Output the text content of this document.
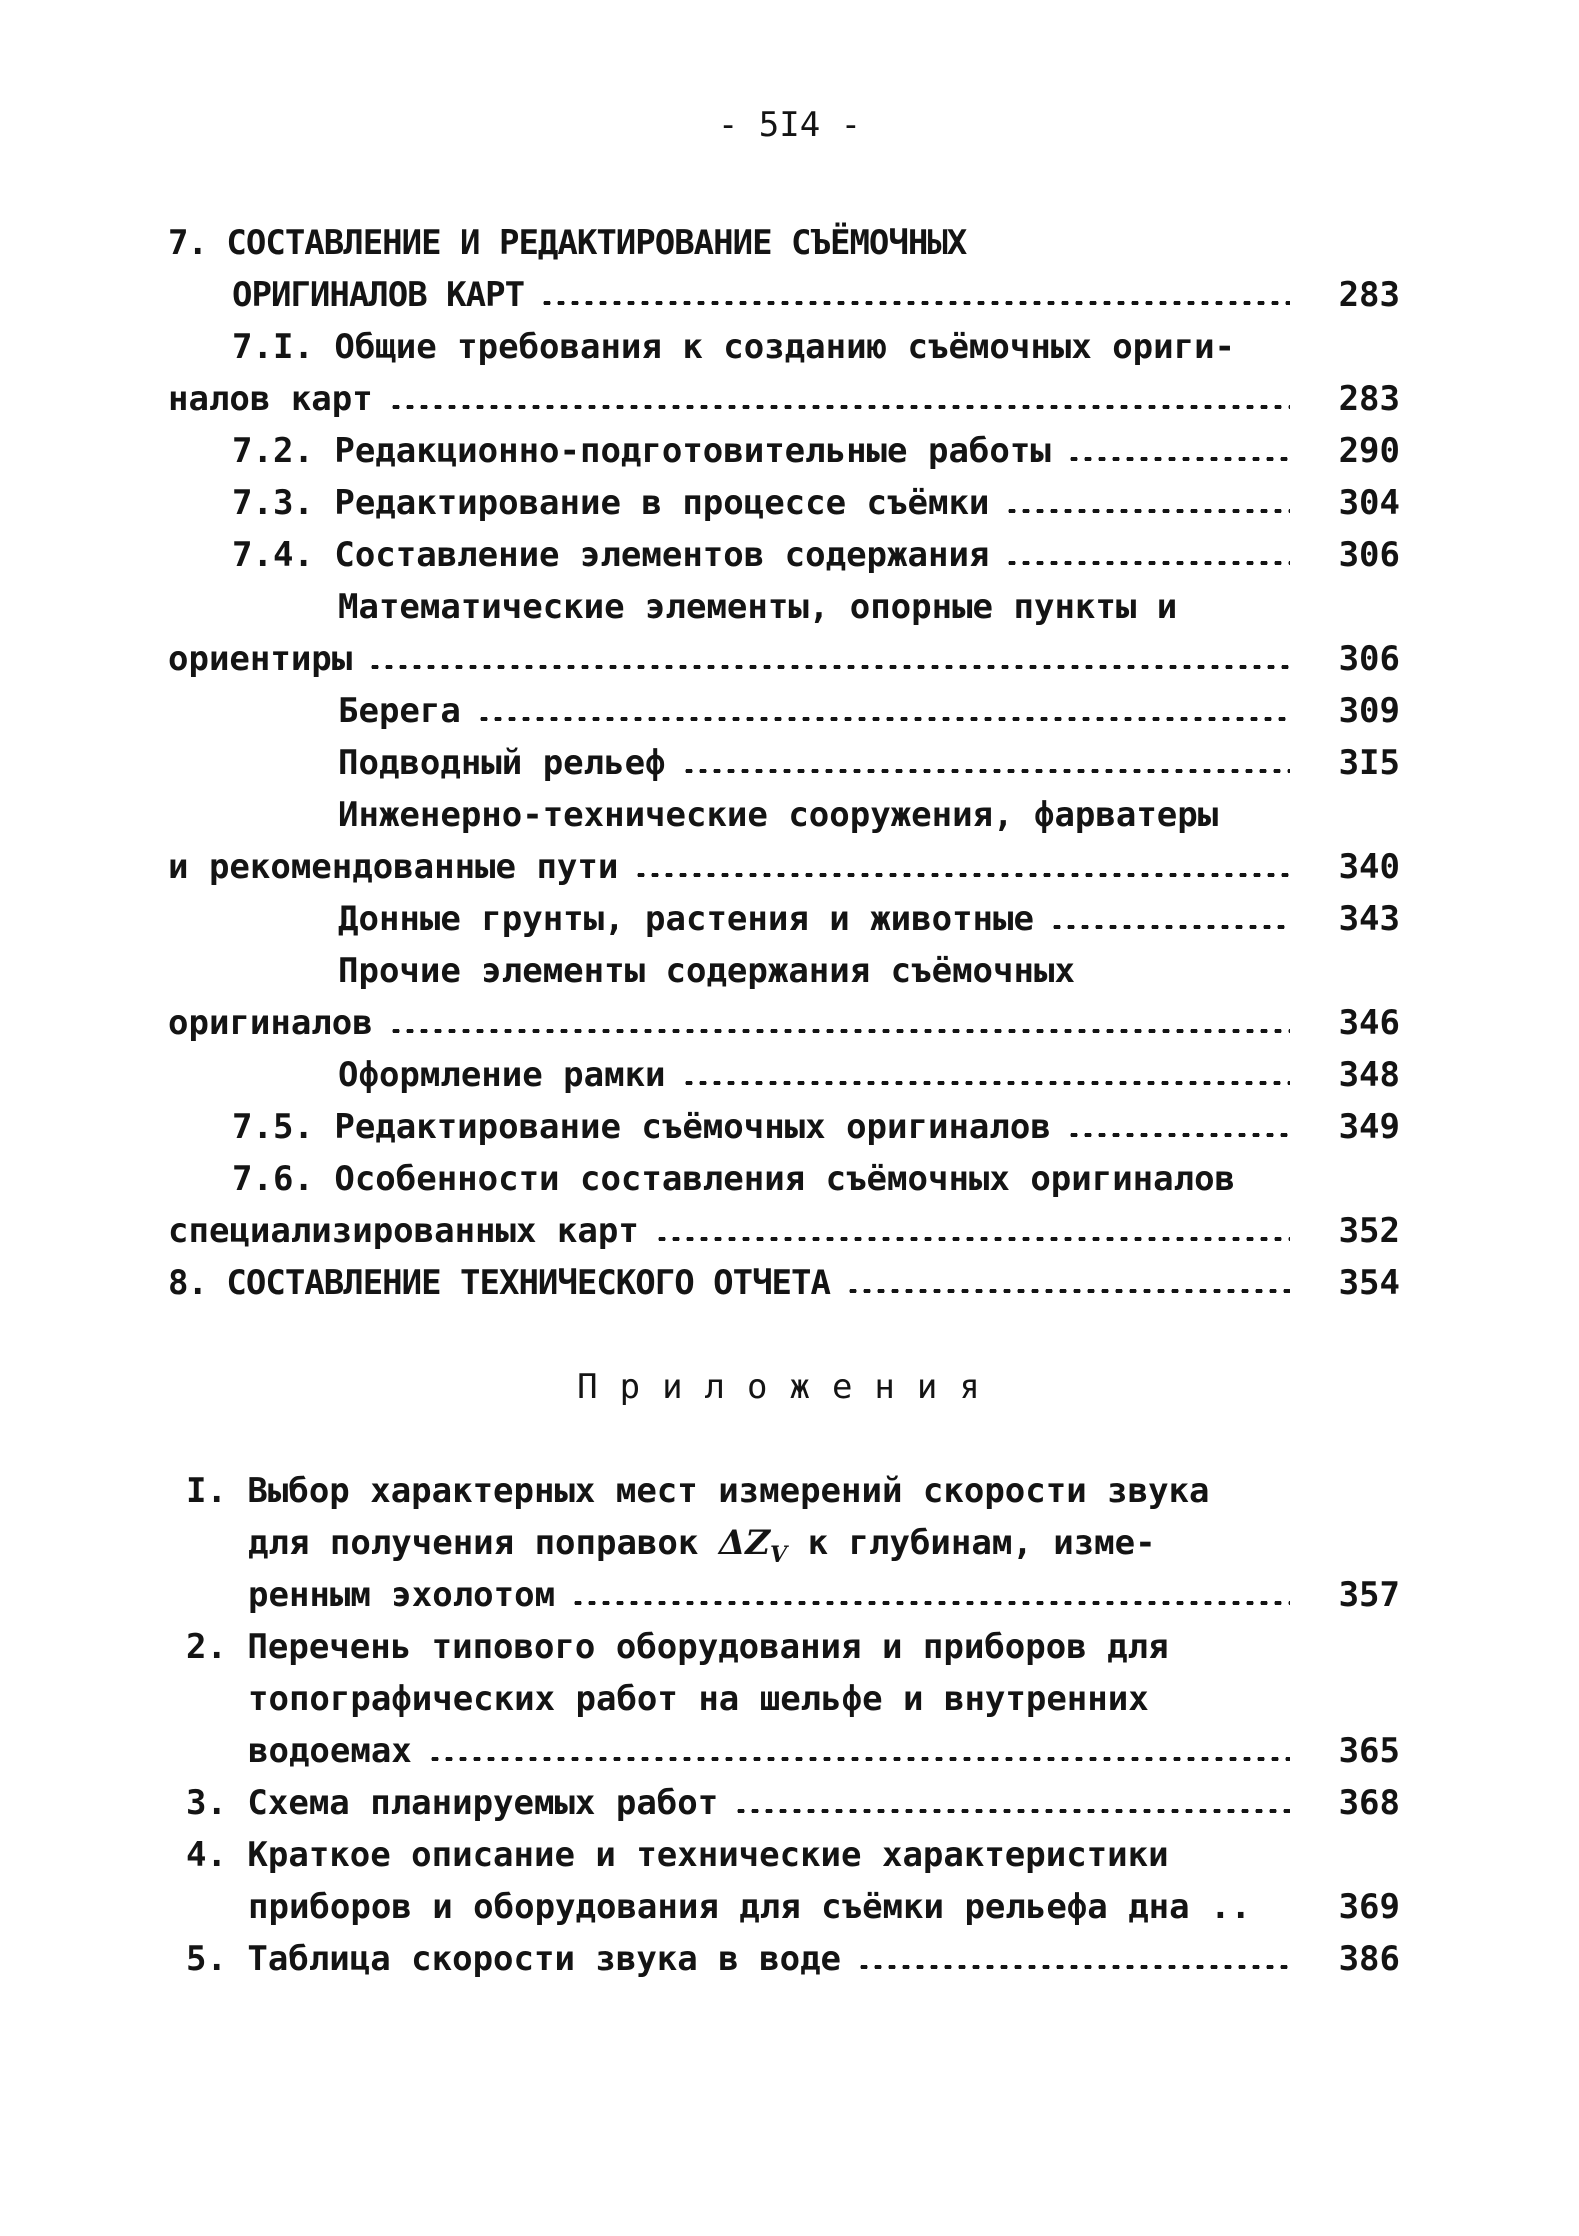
- 5I4 -
7. СОСТАВЛЕНИЕ И РЕДАКТИРОВАНИЕ СЪЁМОЧНЫХ
ОРИГИНАЛОВ КАРТ	283
7.I. Общие требования к созданию съёмочных ориги-
налов карт	283
7.2. Редакционно-подготовительные работы	290
7.3. Редактирование в процессе съёмки	304
7.4. Составление элементов содержания	306
Математические элементы, опорные пункты и
ориентиры	306
Берега	309
Подводный рельеф	3I5
Инженерно-технические сооружения, фарватеры
и рекомендованные пути	340
Донные грунты, растения и животные	343
Прочие элементы содержания съёмочных
оригиналов	346
Оформление рамки	348
7.5. Редактирование съёмочных оригиналов	349
7.6. Особенности составления съёмочных оригиналов
специализированных карт	352
8. СОСТАВЛЕНИЕ ТЕХНИЧЕСКОГО ОТЧЕТА	354
Приложения
I. Выбор характерных мест измерений скорости звука
для получения поправок $\Delta Z_V$ к глубинам, изме-
ренным эхолотом	357
2. Перечень типового оборудования и приборов для
топографических работ на шельфе и внутренних
водоемах	365
3. Схема планируемых работ	368
4. Краткое описание и технические характеристики
приборов и оборудования для съёмки рельефа дна ..	369
5. Таблица скорости звука в воде	386
